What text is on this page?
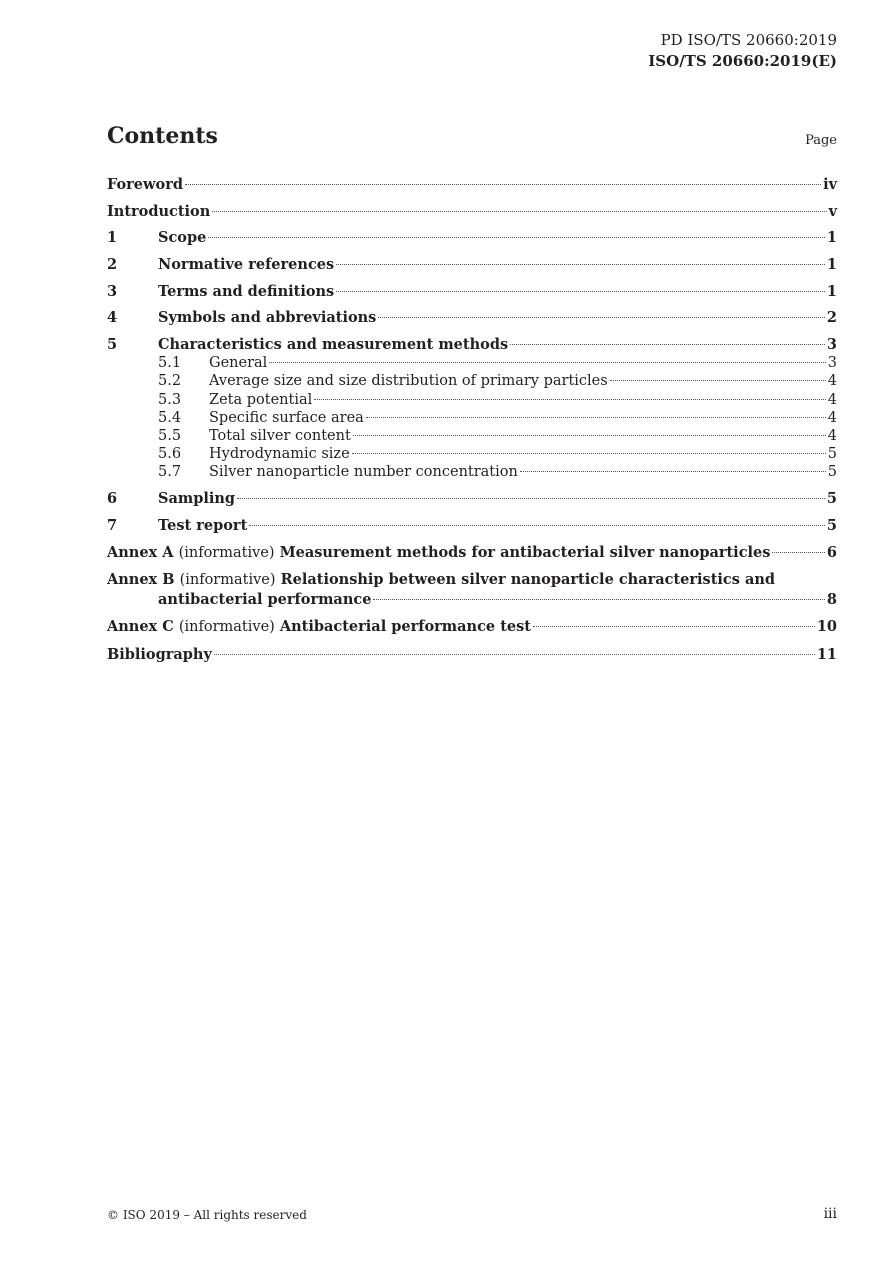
PD ISO/TS 20660:2019
ISO/TS 20660:2019(E)
Contents	Page
Foreword	iv
Introduction	v
1	Scope	1
2	Normative references	1
3	Terms and definitions	1
4	Symbols and abbreviations	2
5	Characteristics and measurement methods	3
5.1	General	3
5.2	Average size and size distribution of primary particles	4
5.3	Zeta potential	4
5.4	Specific surface area	4
5.5	Total silver content	4
5.6	Hydrodynamic size	5
5.7	Silver nanoparticle number concentration	5
6	Sampling	5
7	Test report	5
Annex A (informative) Measurement methods for antibacterial silver nanoparticles	6
Annex B (informative) Relationship between silver nanoparticle characteristics and
antibacterial performance	8
Annex C (informative) Antibacterial performance test	10
Bibliography	11
© ISO 2019 – All rights reserved	iii
